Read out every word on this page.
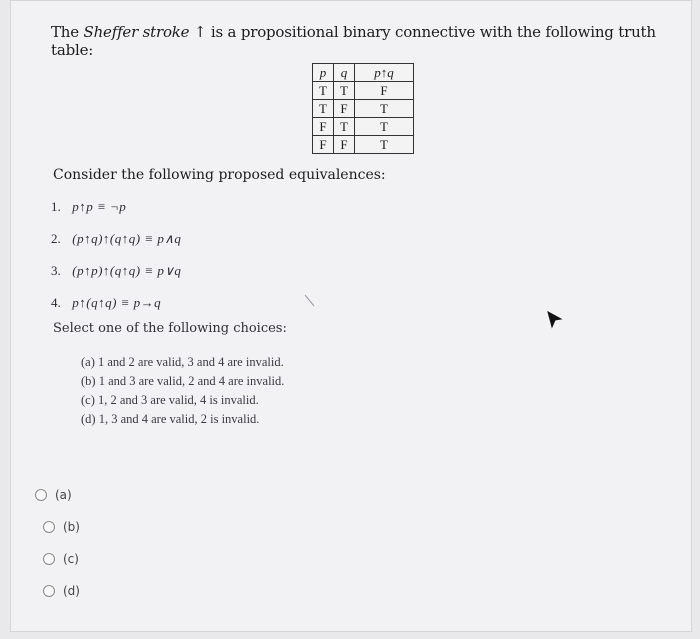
The Sheffer stroke ↑ is a propositional binary connective with the following truth table:
p	q	p↑q
T	T	F
T	F	T
F	T	T
F	F	T
Consider the following proposed equivalences:
1. p↑p ≡ ¬p
2. (p↑q)↑(q↑q) ≡ p∧q
3. (p↑p)↑(q↑q) ≡ p∨q
4. p↑(q↑q) ≡ p→q
Select one of the following choices:
(a) 1 and 2 are valid, 3 and 4 are invalid.
(b) 1 and 3 are valid, 2 and 4 are invalid.
(c) 1, 2 and 3 are valid, 4 is invalid.
(d) 1, 3 and 4 are valid, 2 is invalid.
(a)
(b)
(c)
(d)
